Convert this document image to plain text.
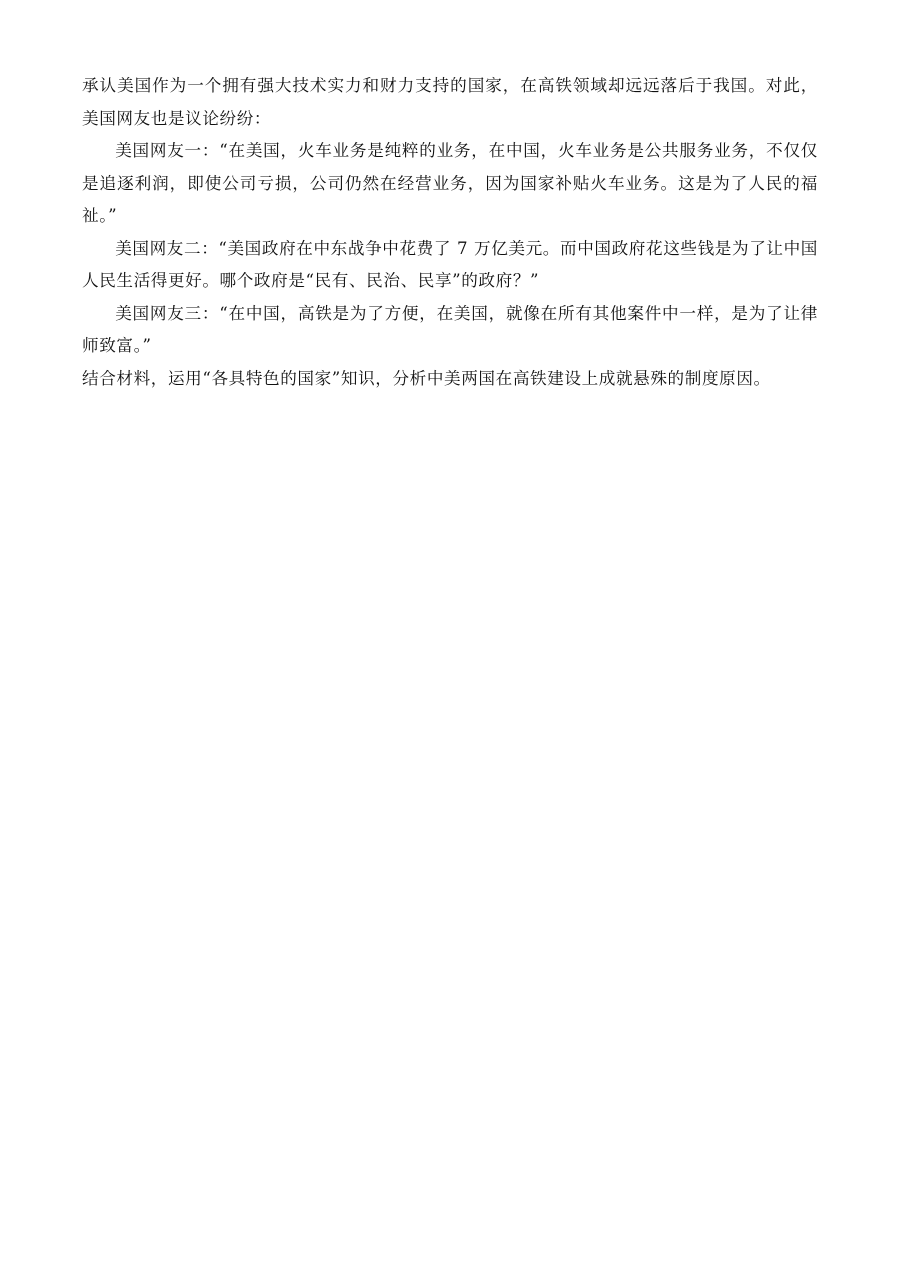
承认美国作为一个拥有强大技术实力和财力支持的国家，在高铁领域却远远落后于我国。对此，美国网友也是议论纷纷：

美国网友一：“在美国，火车业务是纯粹的业务，在中国，火车业务是公共服务业务，不仅仅是追逐利润，即使公司亏损，公司仍然在经营业务，因为国家补贴火车业务。这是为了人民的福祉。”

美国网友二：“美国政府在中东战争中花费了 7 万亿美元。而中国政府花这些钱是为了让中国人民生活得更好。哪个政府是“民有、民治、民享”的政府？”

美国网友三：“在中国，高铁是为了方便，在美国，就像在所有其他案件中一样，是为了让律师致富。”

结合材料，运用“各具特色的国家”知识，分析中美两国在高铁建设上成就悬殊的制度原因。
